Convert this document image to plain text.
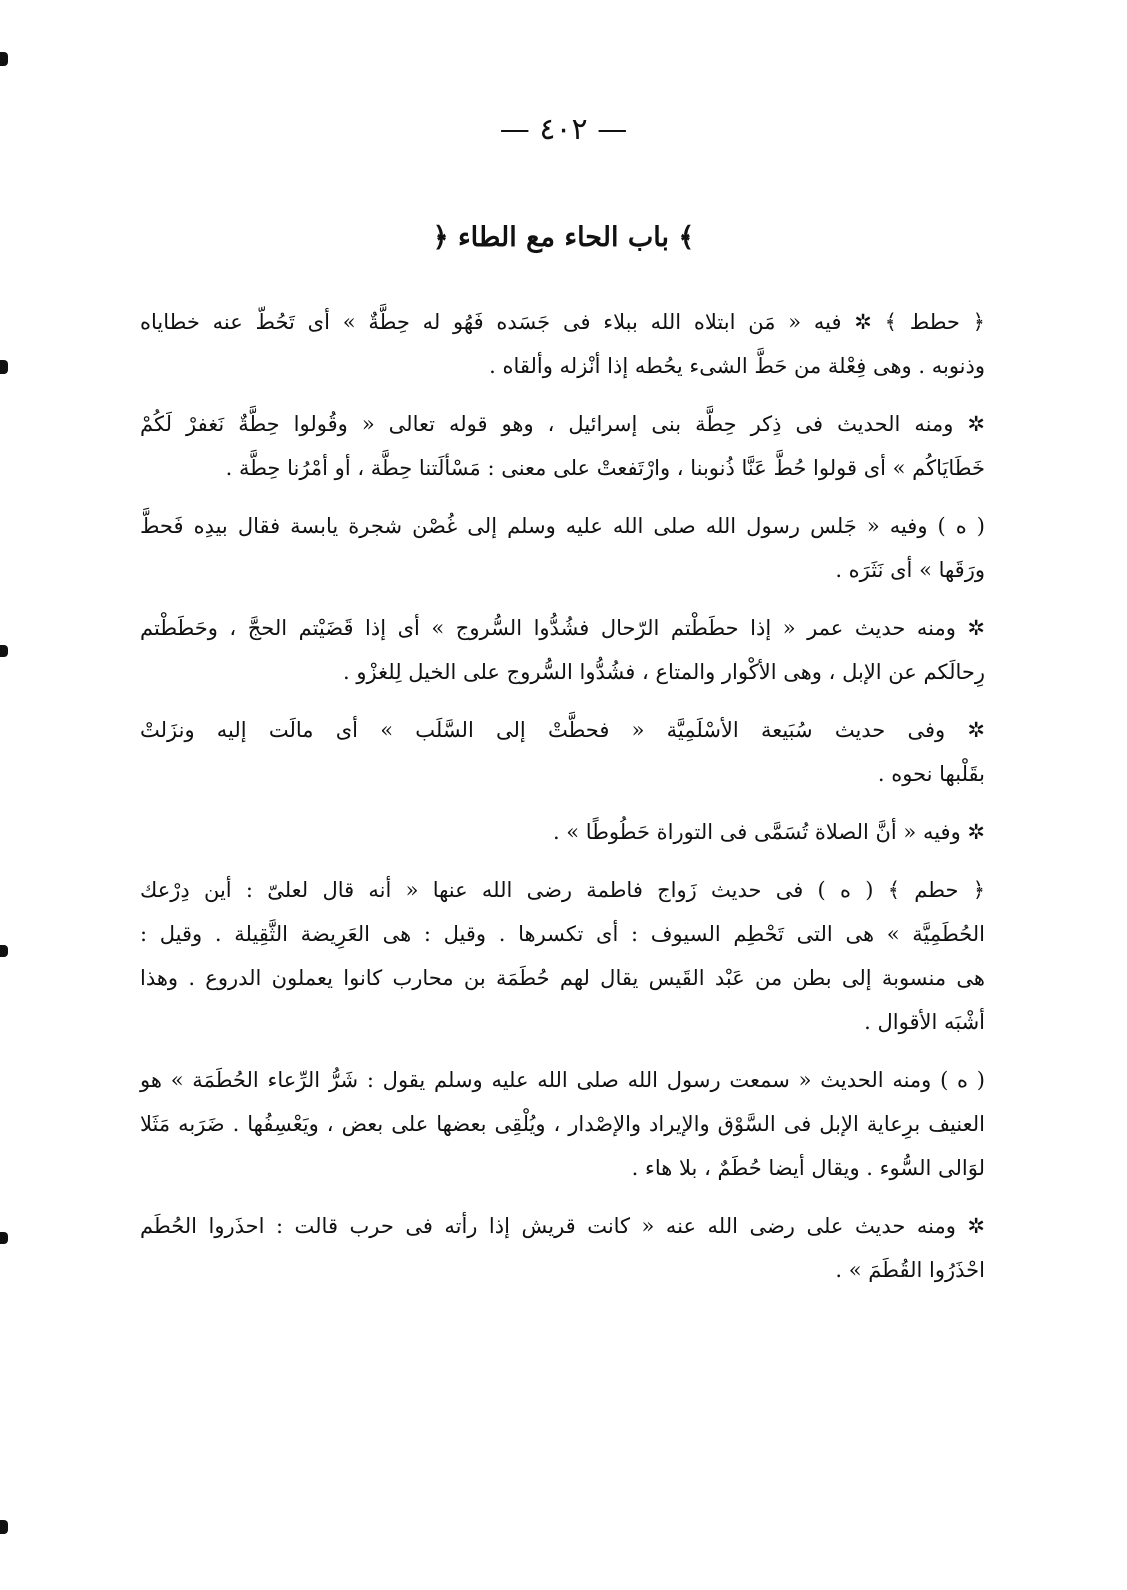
— ٤٠٢ —
﴿ باب الحاء مع الطاء ﴾
﴿ حطط ﴾ ✲ فيه « مَن ابتلاه الله ببلاء فى جَسَده فَهُو له حِطَّةٌ » أى تَحُطّ عنه خطاياه
وذنوبه . وهى فِعْلة من حَطَّ الشىء يحُطه إذا أنْزله وألقاه .
✲ ومنه الحديث فى ذِكر حِطَّة بنى إسرائيل ، وهو قوله تعالى « وقُولوا حِطَّةٌ نَغفرْ لَكُمْ
خَطَايَاكُم » أى قولوا حُطَّ عَنَّا ذُنوبنا ، وارْتَفعتْ على معنى : مَسْألَتنا حِطَّة ، أو أمْرُنا حِطَّة .
( ه ) وفيه « جَلس رسول الله صلى الله عليه وسلم إلى غُصْن شجرة يابسة فقال بيدِه فَحطَّ
ورَقَها » أى نَثَرَه .
✲ ومنه حديث عمر « إذا حطَطْتم الرّحال فشُدُّوا السُّروج » أى إذا قَضَيْتم الحجَّ ، وحَطَطْتم
رِحالَكم عن الإبل ، وهى الأكْوار والمتاع ، فشُدُّوا السُّروج على الخيل لِلغزْو .
✲ وفى حديث سُبَيعة الأسْلَمِيَّة « فحطَّتْ إلى السَّلَب » أى مالَت إليه ونزَلتْ
بقَلْبها نحوه .
✲ وفيه « أنَّ الصلاة تُسَمَّى فى التوراة حَطُوطًا » .
﴿ حطم ﴾ ( ه ) فى حديث زَواج فاطمة رضى الله عنها « أنه قال لعلىّ : أين دِرْعك
الحُطَمِيَّة » هى التى تَحْطِم السيوف : أى تكسرها . وقيل : هى العَرِيضة الثَّقِيلة . وقيل :
هى منسوبة إلى بطن من عَبْد القَيس يقال لهم حُطَمَة بن محارب كانوا يعملون الدروع . وهذا
أشْبَه الأقوال .
( ه ) ومنه الحديث « سمعت رسول الله صلى الله عليه وسلم يقول : شَرُّ الرِّعاء الحُطَمَة » هو
العنيف برِعاية الإبل فى السَّوْق والإيراد والإصْدار ، ويُلْقِى بعضها على بعض ، ويَعْسِفُها . ضَرَبه مَثَلا
لوَالى السُّوء . ويقال أيضا حُطَمٌ ، بلا هاء .
✲ ومنه حديث على رضى الله عنه « كانت قريش إذا رأته فى حرب قالت : احذَروا الحُطَم
احْذَرُوا القُطَمَ » .
